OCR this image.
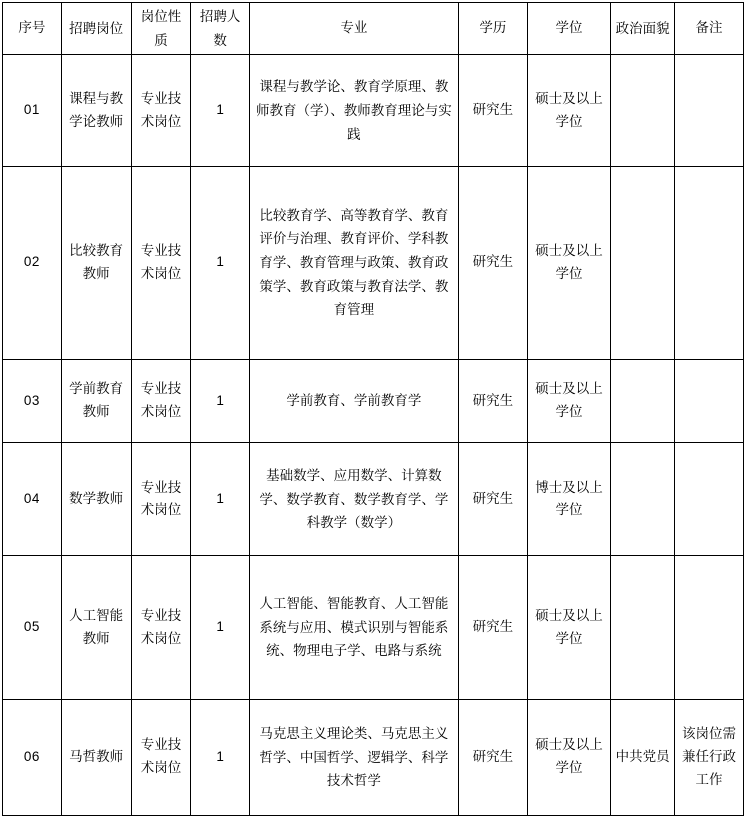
序号	招聘岗位	岗位性质	招聘人数	专业	学历	学位	政治面貌	备注
01	课程与教学论教师	专业技术岗位	1	课程与教学论、教育学原理、教师教育（学）、教师教育理论与实践	研究生	硕士及以上学位		
02	比较教育教师	专业技术岗位	1	比较教育学、高等教育学、教育评价与治理、教育评价、学科教育学、教育管理与政策、教育政策学、教育政策与教育法学、教育管理	研究生	硕士及以上学位		
03	学前教育教师	专业技术岗位	1	学前教育、学前教育学	研究生	硕士及以上学位		
04	数学教师	专业技术岗位	1	基础数学、应用数学、计算数学、数学教育、数学教育学、学科教学（数学）	研究生	博士及以上学位		
05	人工智能教师	专业技术岗位	1	人工智能、智能教育、人工智能系统与应用、模式识别与智能系统、物理电子学、电路与系统	研究生	硕士及以上学位		
06	马哲教师	专业技术岗位	1	马克思主义理论类、马克思主义哲学、中国哲学、逻辑学、科学技术哲学	研究生	硕士及以上学位	中共党员	该岗位需兼任行政工作
